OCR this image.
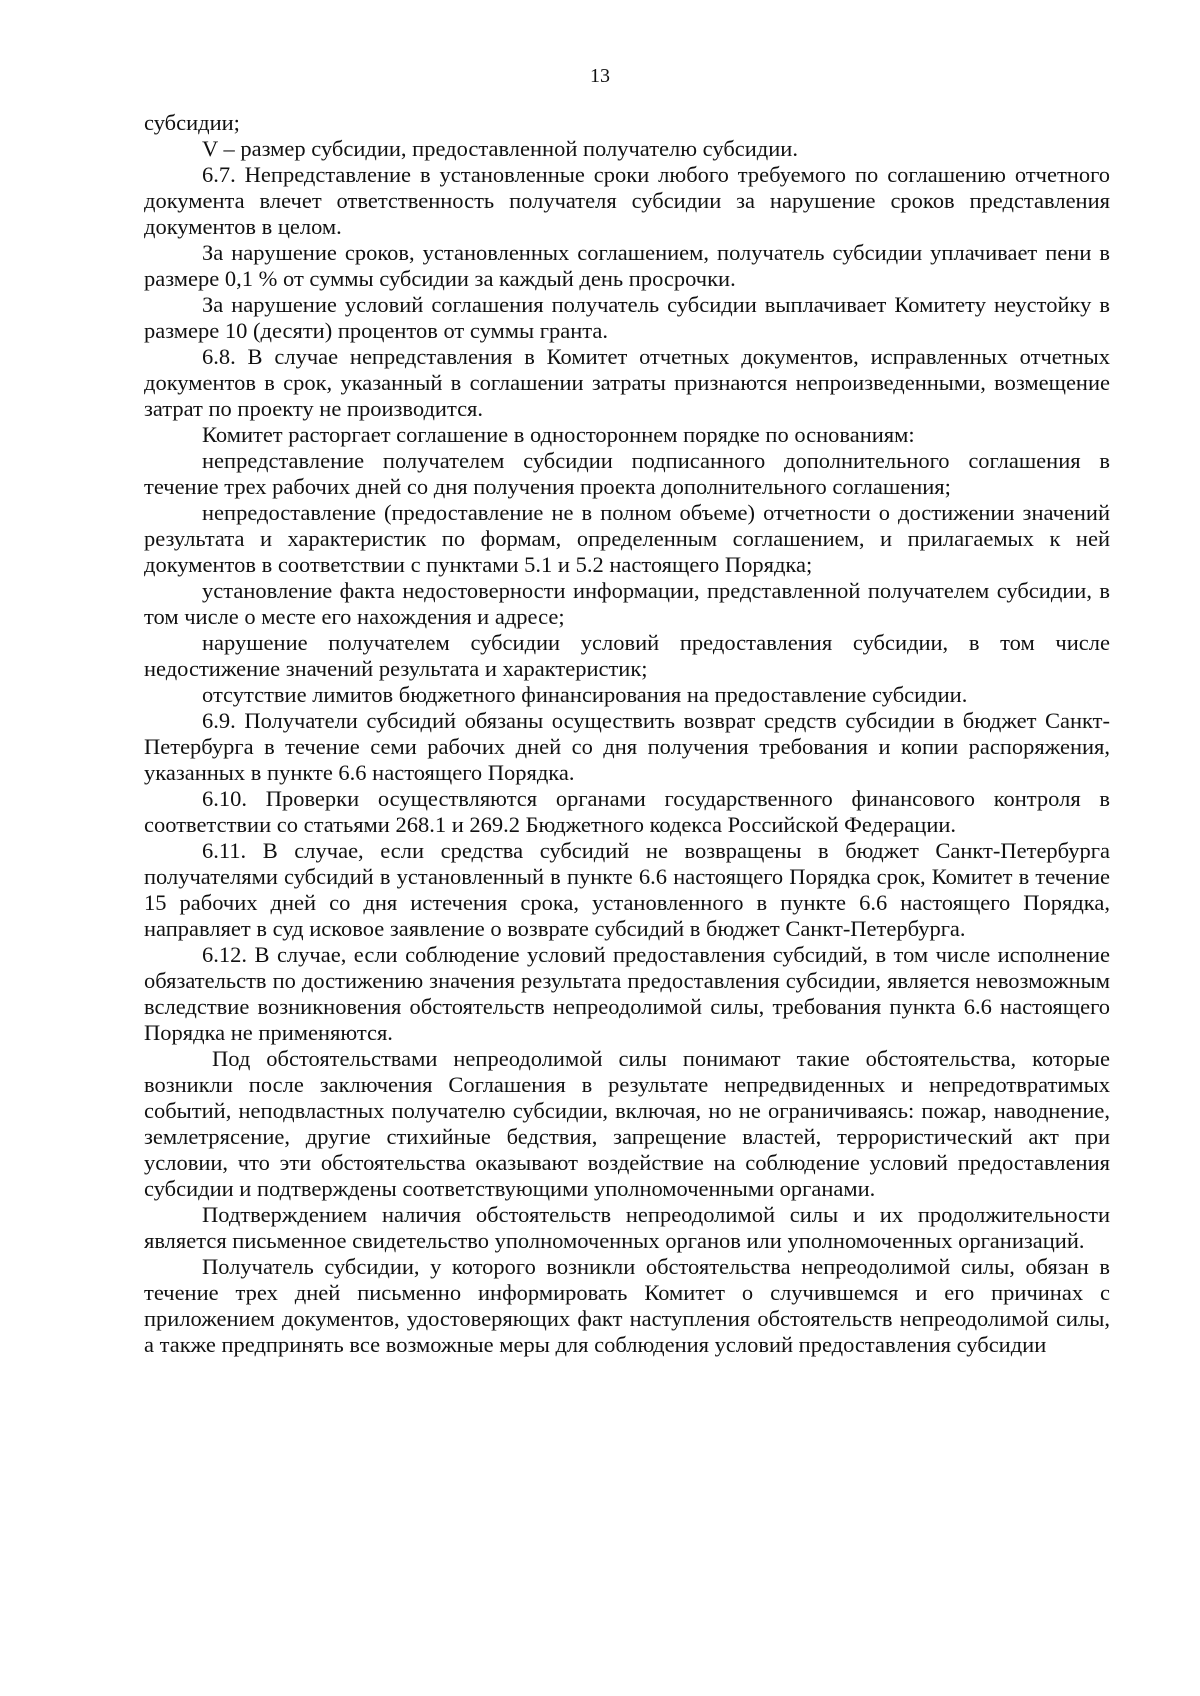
13

субсидии;

V – размер субсидии, предоставленной получателю субсидии.

6.7. Непредставление в установленные сроки любого требуемого по соглашению отчетного документа влечет ответственность получателя субсидии за нарушение сроков представления документов в целом.

За нарушение сроков, установленных соглашением, получатель субсидии уплачивает пени в размере 0,1 % от суммы субсидии за каждый день просрочки.

За нарушение условий соглашения получатель субсидии выплачивает Комитету неустойку в размере 10 (десяти) процентов от суммы гранта.

6.8. В случае непредставления в Комитет отчетных документов, исправленных отчетных документов в срок, указанный в соглашении затраты признаются непроизведенными, возмещение затрат по проекту не производится.

Комитет расторгает соглашение в одностороннем порядке по основаниям:

непредставление получателем субсидии подписанного дополнительного соглашения в течение трех рабочих дней со дня получения проекта дополнительного соглашения;

непредоставление (предоставление не в полном объеме) отчетности о достижении значений результата и характеристик по формам, определенным соглашением, и прилагаемых к ней документов в соответствии с пунктами 5.1 и 5.2 настоящего Порядка;

установление факта недостоверности информации, представленной получателем субсидии, в том числе о месте его нахождения и адресе;

нарушение получателем субсидии условий предоставления субсидии, в том числе недостижение значений результата и характеристик;

отсутствие лимитов бюджетного финансирования на предоставление субсидии.

6.9. Получатели субсидий обязаны осуществить возврат средств субсидии в бюджет Санкт-Петербурга в течение семи рабочих дней со дня получения требования и копии распоряжения, указанных в пункте 6.6 настоящего Порядка.

6.10. Проверки осуществляются органами государственного финансового контроля в соответствии со статьями 268.1 и 269.2 Бюджетного кодекса Российской Федерации.

6.11. В случае, если средства субсидий не возвращены в бюджет Санкт-Петербурга получателями субсидий в установленный в пункте 6.6 настоящего Порядка срок, Комитет в течение 15 рабочих дней со дня истечения срока, установленного в пункте 6.6 настоящего Порядка, направляет в суд исковое заявление о возврате субсидий в бюджет Санкт-Петербурга.

6.12. В случае, если соблюдение условий предоставления субсидий, в том числе исполнение обязательств по достижению значения результата предоставления субсидии, является невозможным вследствие возникновения обстоятельств непреодолимой силы, требования пункта 6.6 настоящего Порядка не применяются.

Под обстоятельствами непреодолимой силы понимают такие обстоятельства, которые возникли после заключения Соглашения в результате непредвиденных и непредотвратимых событий, неподвластных получателю субсидии, включая, но не ограничиваясь: пожар, наводнение, землетрясение, другие стихийные бедствия, запрещение властей, террористический акт при условии, что эти обстоятельства оказывают воздействие на соблюдение условий предоставления субсидии и подтверждены соответствующими уполномоченными органами.

Подтверждением наличия обстоятельств непреодолимой силы и их продолжительности является письменное свидетельство уполномоченных органов или уполномоченных организаций.

Получатель субсидии, у которого возникли обстоятельства непреодолимой силы, обязан в течение трех дней письменно информировать Комитет о случившемся и его причинах с приложением документов, удостоверяющих факт наступления обстоятельств непреодолимой силы, а также предпринять все возможные меры для соблюдения условий предоставления субсидии
